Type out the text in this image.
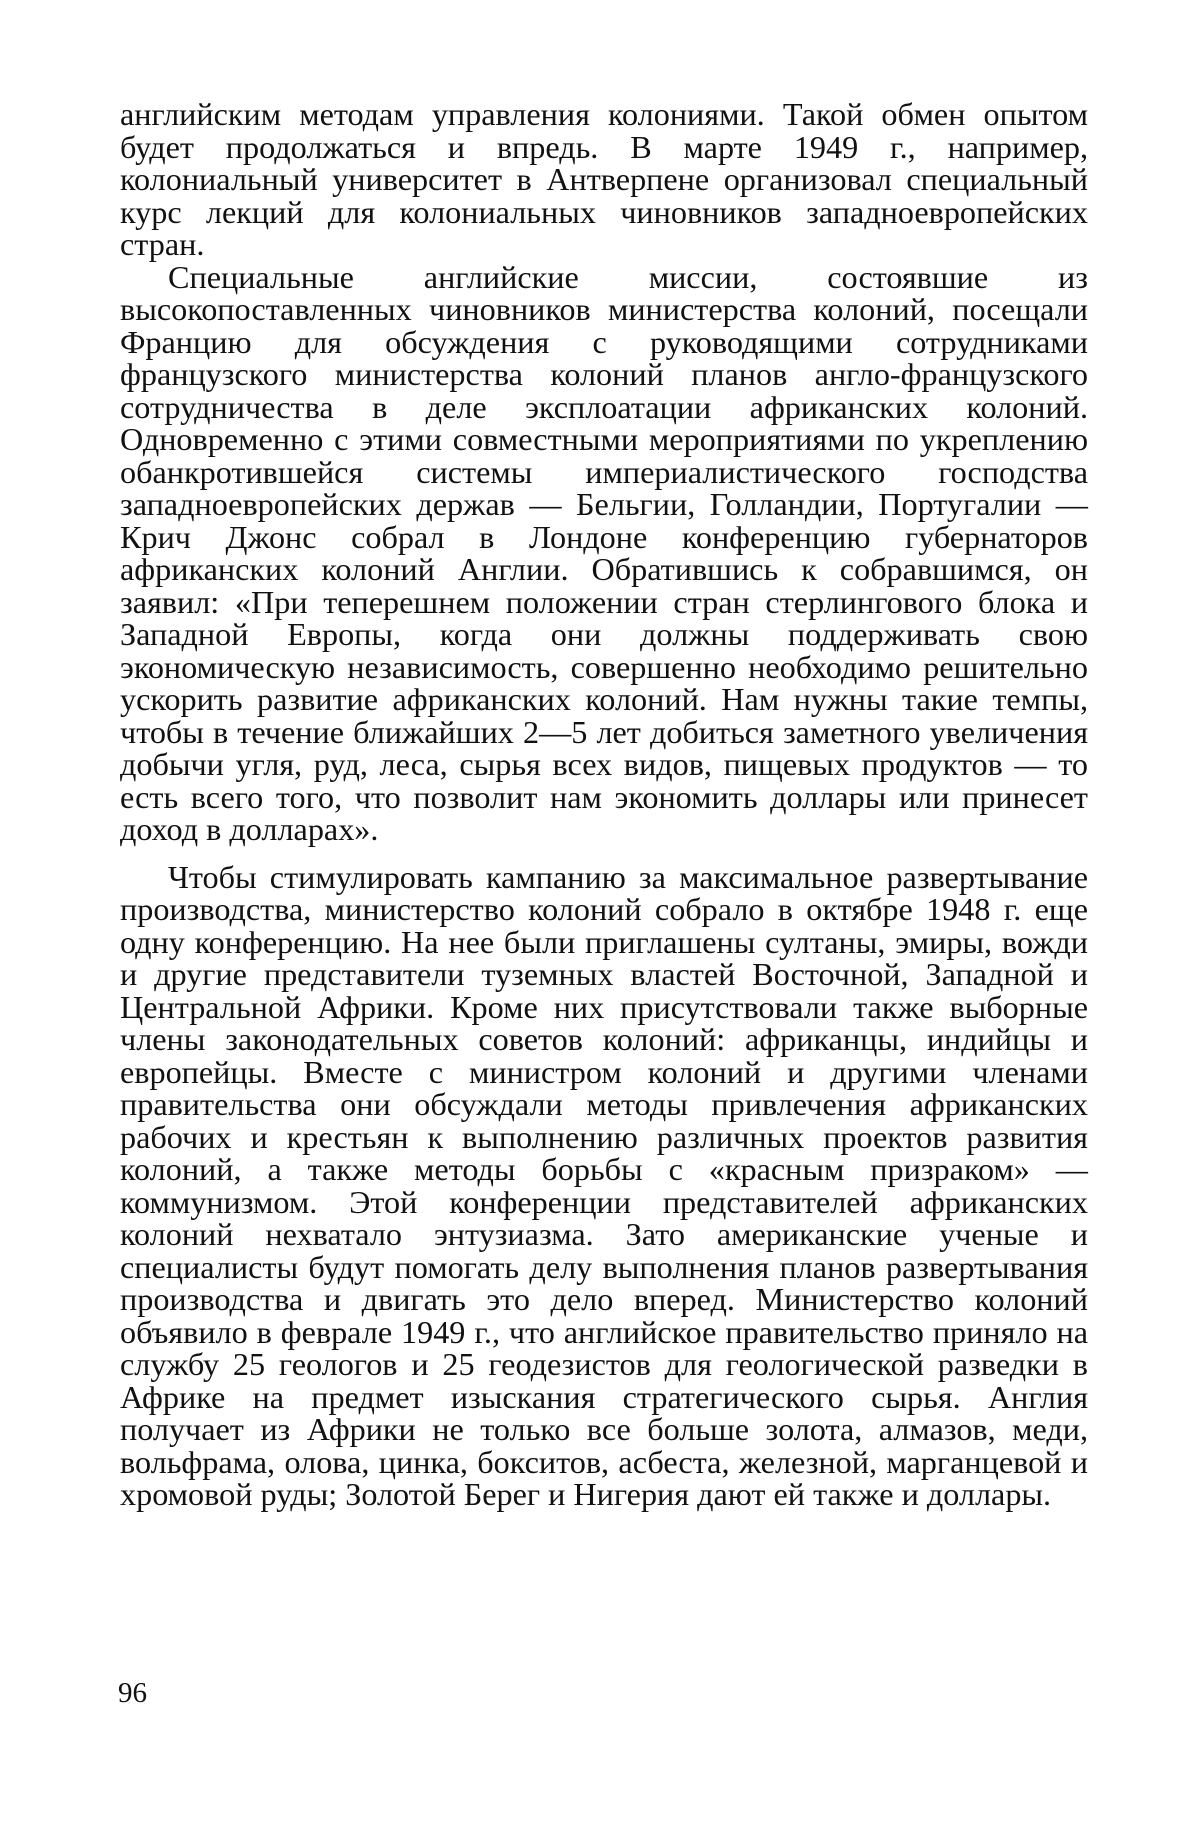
английским методам управления колониями. Такой обмен опытом будет продолжаться и впредь. В марте 1949 г., например, колониальный университет в Антверпене организовал специальный курс лекций для колониальных чиновников западноевропейских стран.

Специальные английские миссии, состоявшие из высокопоставленных чиновников министерства колоний, посещали Францию для обсуждения с руководящими сотрудниками французского министерства колоний планов англо-французского сотрудничества в деле эксплоатации африканских колоний. Одновременно с этими совместными мероприятиями по укреплению обанкротившейся системы империалистического господства западноевропейских держав — Бельгии, Голландии, Португалии — Крич Джонс собрал в Лондоне конференцию губернаторов африканских колоний Англии. Обратившись к собравшимся, он заявил: «При теперешнем положении стран стерлингового блока и Западной Европы, когда они должны поддерживать свою экономическую независимость, совершенно необходимо решительно ускорить развитие африканских колоний. Нам нужны такие темпы, чтобы в течение ближайших 2—5 лет добиться заметного увеличения добычи угля, руд, леса, сырья всех видов, пищевых продуктов — то есть всего того, что позволит нам экономить доллары или принесет доход в долларах».

Чтобы стимулировать кампанию за максимальное развертывание производства, министерство колоний собрало в октябре 1948 г. еще одну конференцию. На нее были приглашены султаны, эмиры, вожди и другие представители туземных властей Восточной, Западной и Центральной Африки. Кроме них присутствовали также выборные члены законодательных советов колоний: африканцы, индийцы и европейцы. Вместе с министром колоний и другими членами правительства они обсуждали методы привлечения африканских рабочих и крестьян к выполнению различных проектов развития колоний, а также методы борьбы с «красным призраком» — коммунизмом. Этой конференции представителей африканских колоний нехватало энтузиазма. Зато американские ученые и специалисты будут помогать делу выполнения планов развертывания производства и двигать это дело вперед. Министерство колоний объявило в феврале 1949 г., что английское правительство приняло на службу 25 геологов и 25 геодезистов для геологической разведки в Африке на предмет изыскания стратегического сырья. Англия получает из Африки не только все больше золота, алмазов, меди, вольфрама, олова, цинка, бокситов, асбеста, железной, марганцевой и хромовой руды; Золотой Берег и Нигерия дают ей также и доллары.

96
